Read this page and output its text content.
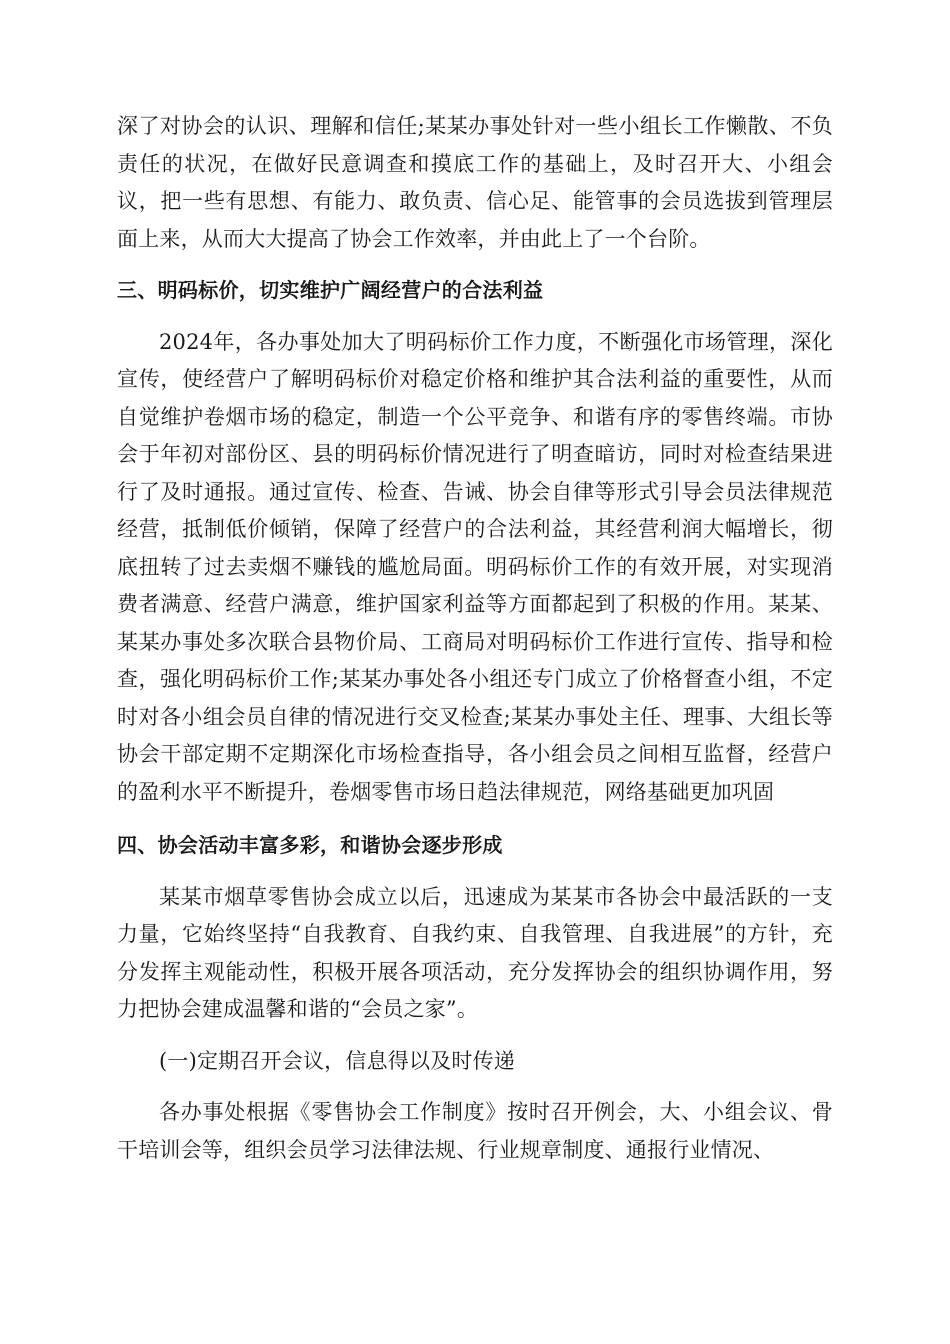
深了对协会的认识、理解和信任;某某办事处针对一些小组长工作懒散、不负责任的状况，在做好民意调查和摸底工作的基础上，及时召开大、小组会议，把一些有思想、有能力、敢负责、信心足、能管事的会员选拔到管理层面上来，从而大大提高了协会工作效率，并由此上了一个台阶。

三、明码标价，切实维护广阔经营户的合法利益

2024年，各办事处加大了明码标价工作力度，不断强化市场管理，深化宣传，使经营户了解明码标价对稳定价格和维护其合法利益的重要性，从而自觉维护卷烟市场的稳定，制造一个公平竞争、和谐有序的零售终端。市协会于年初对部份区、县的明码标价情况进行了明查暗访，同时对检查结果进行了及时通报。通过宣传、检查、告诫、协会自律等形式引导会员法律规范经营，抵制低价倾销，保障了经营户的合法利益，其经营利润大幅增长，彻底扭转了过去卖烟不赚钱的尴尬局面。明码标价工作的有效开展，对实现消费者满意、经营户满意，维护国家利益等方面都起到了积极的作用。某某、某某办事处多次联合县物价局、工商局对明码标价工作进行宣传、指导和检查，强化明码标价工作;某某办事处各小组还专门成立了价格督查小组，不定时对各小组会员自律的情况进行交叉检查;某某办事处主任、理事、大组长等协会干部定期不定期深化市场检查指导，各小组会员之间相互监督，经营户的盈利水平不断提升，卷烟零售市场日趋法律规范，网络基础更加巩固

四、协会活动丰富多彩，和谐协会逐步形成

某某市烟草零售协会成立以后，迅速成为某某市各协会中最活跃的一支力量，它始终坚持“自我教育、自我约束、自我管理、自我进展”的方针，充分发挥主观能动性，积极开展各项活动，充分发挥协会的组织协调作用，努力把协会建成温馨和谐的“会员之家”。

(一)定期召开会议，信息得以及时传递

各办事处根据《零售协会工作制度》按时召开例会，大、小组会议、骨干培训会等，组织会员学习法律法规、行业规章制度、通报行业情况、
